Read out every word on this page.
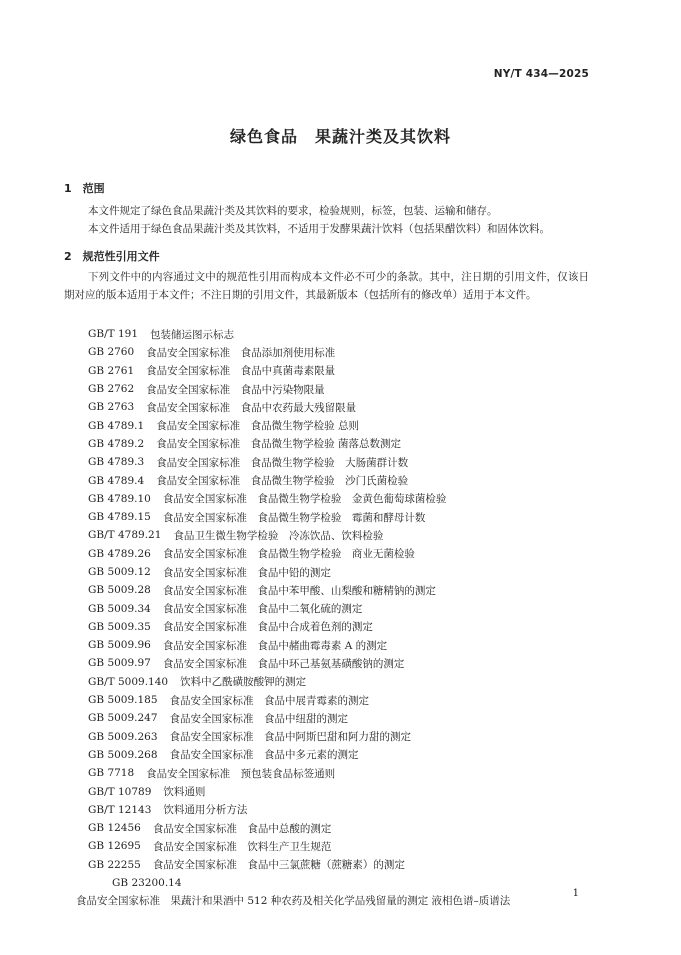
NY/T 434—2025
绿色食品　果蔬汁类及其饮料
1　范围

本文件规定了绿色食品果蔬汁类及其饮料的要求，检验规则，标签，包装、运输和储存。

本文件适用于绿色食品果蔬汁类及其饮料，不适用于发酵果蔬汁饮料（包括果醋饮料）和固体饮料。

2　规范性引用文件

下列文件中的内容通过文中的规范性引用而构成本文件必不可少的条款。其中，注日期的引用文件，仅该日期对应的版本适用于本文件；不注日期的引用文件，其最新版本（包括所有的修改单）适用于本文件。

GB/T 191 包装储运图示标志
GB 2760 食品安全国家标准　食品添加剂使用标准
GB 2761 食品安全国家标准　食品中真菌毒素限量
GB 2762 食品安全国家标准　食品中污染物限量
GB 2763 食品安全国家标准　食品中农药最大残留限量
GB 4789.1 食品安全国家标准　食品微生物学检验 总则
GB 4789.2 食品安全国家标准　食品微生物学检验 菌落总数测定
GB 4789.3 食品安全国家标准　食品微生物学检验　大肠菌群计数
GB 4789.4 食品安全国家标准　食品微生物学检验　沙门氏菌检验
GB 4789.10 食品安全国家标准　食品微生物学检验　金黄色葡萄球菌检验
GB 4789.15 食品安全国家标准　食品微生物学检验　霉菌和酵母计数
GB/T 4789.21 食品卫生微生物学检验　冷冻饮品、饮料检验
GB 4789.26 食品安全国家标准　食品微生物学检验　商业无菌检验
GB 5009.12 食品安全国家标准　食品中铅的测定
GB 5009.28 食品安全国家标准　食品中苯甲酸、山梨酸和糖精钠的测定
GB 5009.34 食品安全国家标准　食品中二氧化硫的测定
GB 5009.35 食品安全国家标准　食品中合成着色剂的测定
GB 5009.96 食品安全国家标准　食品中赭曲霉毒素 A 的测定
GB 5009.97 食品安全国家标准　食品中环己基氨基磺酸钠的测定
GB/T 5009.140 饮料中乙酰磺胺酸钾的测定
GB 5009.185 食品安全国家标准　食品中展青霉素的测定
GB 5009.247 食品安全国家标准　食品中纽甜的测定
GB 5009.263 食品安全国家标准　食品中阿斯巴甜和阿力甜的测定
GB 5009.268 食品安全国家标准　食品中多元素的测定
GB 7718 食品安全国家标准　预包装食品标签通则
GB/T 10789 饮料通则
GB/T 12143 饮料通用分析方法
GB 12456 食品安全国家标准　食品中总酸的测定
GB 12695 食品安全国家标准　饮料生产卫生规范
GB 22255 食品安全国家标准　食品中三氯蔗糖（蔗糖素）的测定
GB 23200.14食品安全国家标准　果蔬汁和果酒中 512 种农药及相关化学品残留量的测定 液相色谱–质谱法
1
